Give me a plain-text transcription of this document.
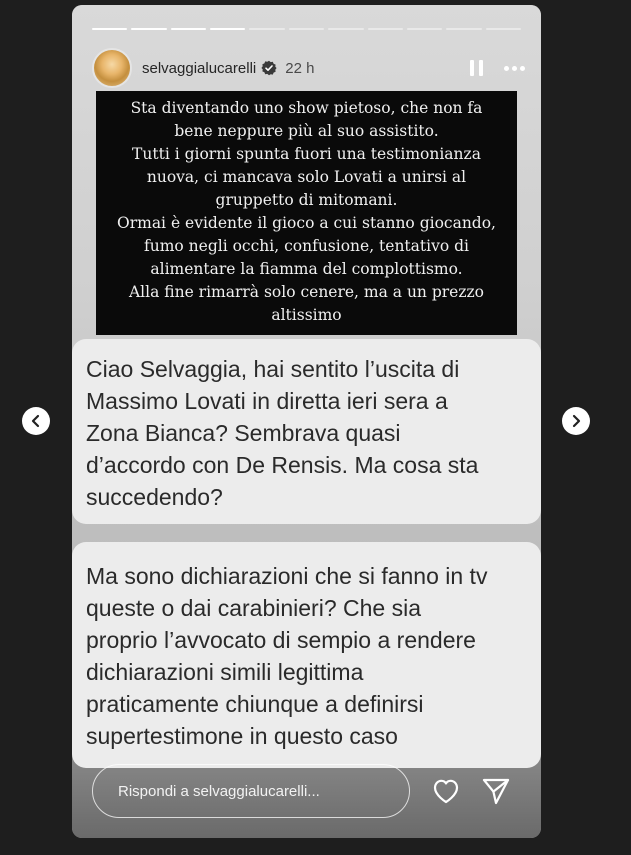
selvaggialucarelli 22 h

Sta diventando uno show pietoso, che non fa
bene neppure più al suo assistito.
Tutti i giorni spunta fuori una testimonianza
nuova, ci mancava solo Lovati a unirsi al
gruppetto di mitomani.
Ormai è evidente il gioco a cui stanno giocando,
fumo negli occhi, confusione, tentativo di
alimentare la fiamma del complottismo.
Alla fine rimarrà solo cenere, ma a un prezzo
altissimo

Ciao Selvaggia, hai sentito l’uscita di
Massimo Lovati in diretta ieri sera a
Zona Bianca? Sembrava quasi
d’accordo con De Rensis. Ma cosa sta
succedendo?
Ma sono dichiarazioni che si fanno in tv
queste o dai carabinieri? Che sia
proprio l’avvocato di sempio a rendere
dichiarazioni simili legittima
praticamente chiunque a definirsi
supertestimone in questo caso
Rispondi a selvaggialucarelli...
